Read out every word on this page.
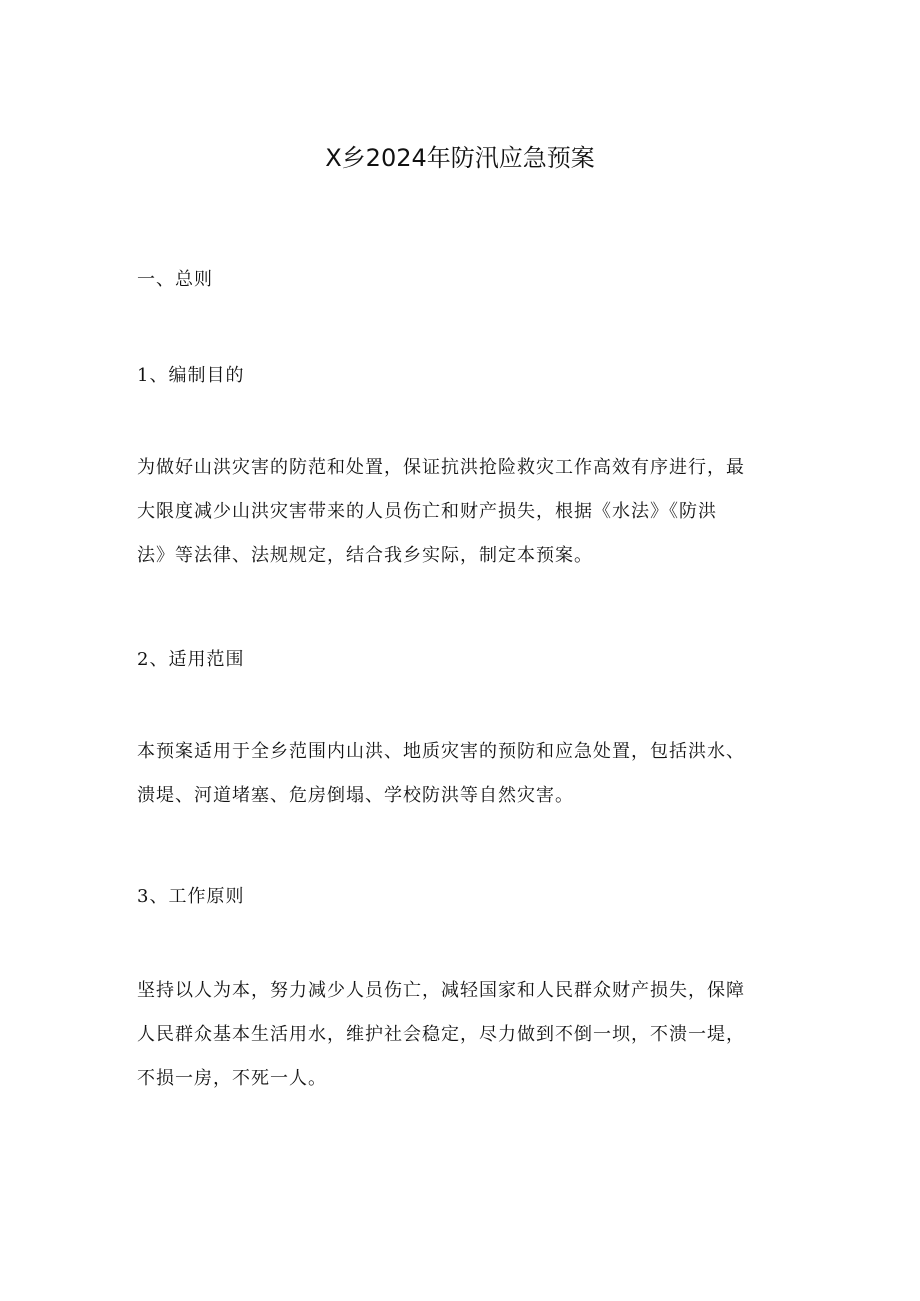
X乡2024年防汛应急预案
一、总则
1、编制目的
为做好山洪灾害的防范和处置，保证抗洪抢险救灾工作高效有序进行，最
大限度减少山洪灾害带来的人员伤亡和财产损失，根据《水法》《防洪
法》等法律、法规规定，结合我乡实际，制定本预案。
2、适用范围
本预案适用于全乡范围内山洪、地质灾害的预防和应急处置，包括洪水、
溃堤、河道堵塞、危房倒塌、学校防洪等自然灾害。
3、工作原则
坚持以人为本，努力减少人员伤亡，减轻国家和人民群众财产损失，保障
人民群众基本生活用水，维护社会稳定，尽力做到不倒一坝，不溃一堤，
不损一房，不死一人。
